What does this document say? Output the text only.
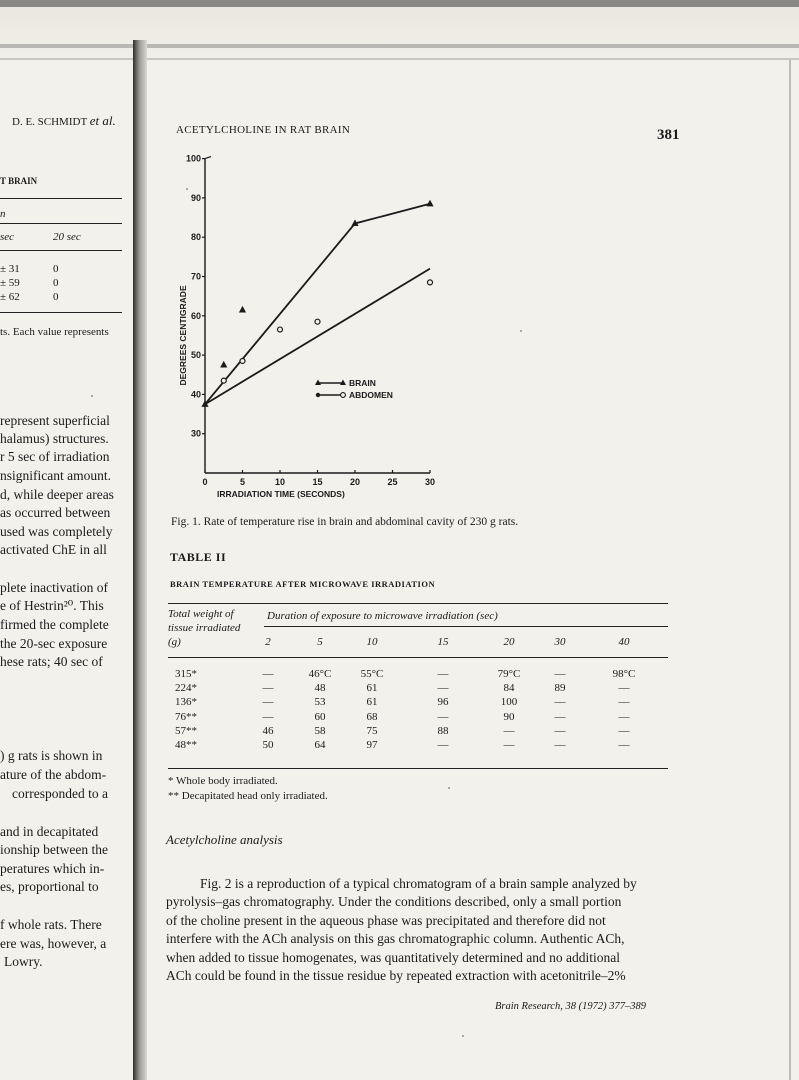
D. E. SCHMIDT et al.
T BRAIN
n
sec	20 sec
± 31	0
± 59	0
± 62	0
ts. Each value represents
represent superficial
halamus) structures.
r 5 sec of irradiation
nsignificant amount.
d, while deeper areas
as occurred between
used was completely
activated ChE in all
plete inactivation of
e of Hestrin²⁰. This
firmed the complete
the 20-sec exposure
hese rats; 40 sec of
) g rats is shown in
ature of the abdom-
corresponded to a
and in decapitated
ionship between the
peratures which in-
es, proportional to
f whole rats. There
ere was, however, a
Lowry.
ACETYLCHOLINE IN RAT BRAIN	381
30
40
50
60
70
80
90
100
0	5	10	15	20	25	30
IRRADIATION TIME (SECONDS)
DEGREES CENTIGRADE	BRAIN
ABDOMEN
Fig. 1. Rate of temperature rise in brain and abdominal cavity of 230 g rats.
TABLE II
BRAIN TEMPERATURE AFTER MICROWAVE IRRADIATION
Total weight of
tissue irradiated
(g)
Duration of exposure to microwave irradiation (sec)
2	5	10	15	20	30	40
315*	—	46°C	55°C	—	79°C	—	98°C
224*	—	48	61	—	84	89	—
136*	—	53	61	96	100	—	—
76**	—	60	68	—	90	—	—
57**	46	58	75	88	—	—	—
48**	50	64	97	—	—	—	—
* Whole body irradiated.
** Decapitated head only irradiated.
Acetylcholine analysis
Fig. 2 is a reproduction of a typical chromatogram of a brain sample analyzed by
pyrolysis–gas chromatography. Under the conditions described, only a small portion
of the choline present in the aqueous phase was precipitated and therefore did not
interfere with the ACh analysis on this gas chromatographic column. Authentic ACh,
when added to tissue homogenates, was quantitatively determined and no additional
ACh could be found in the tissue residue by repeated extraction with acetonitrile–2%
Brain Research, 38 (1972) 377–389
